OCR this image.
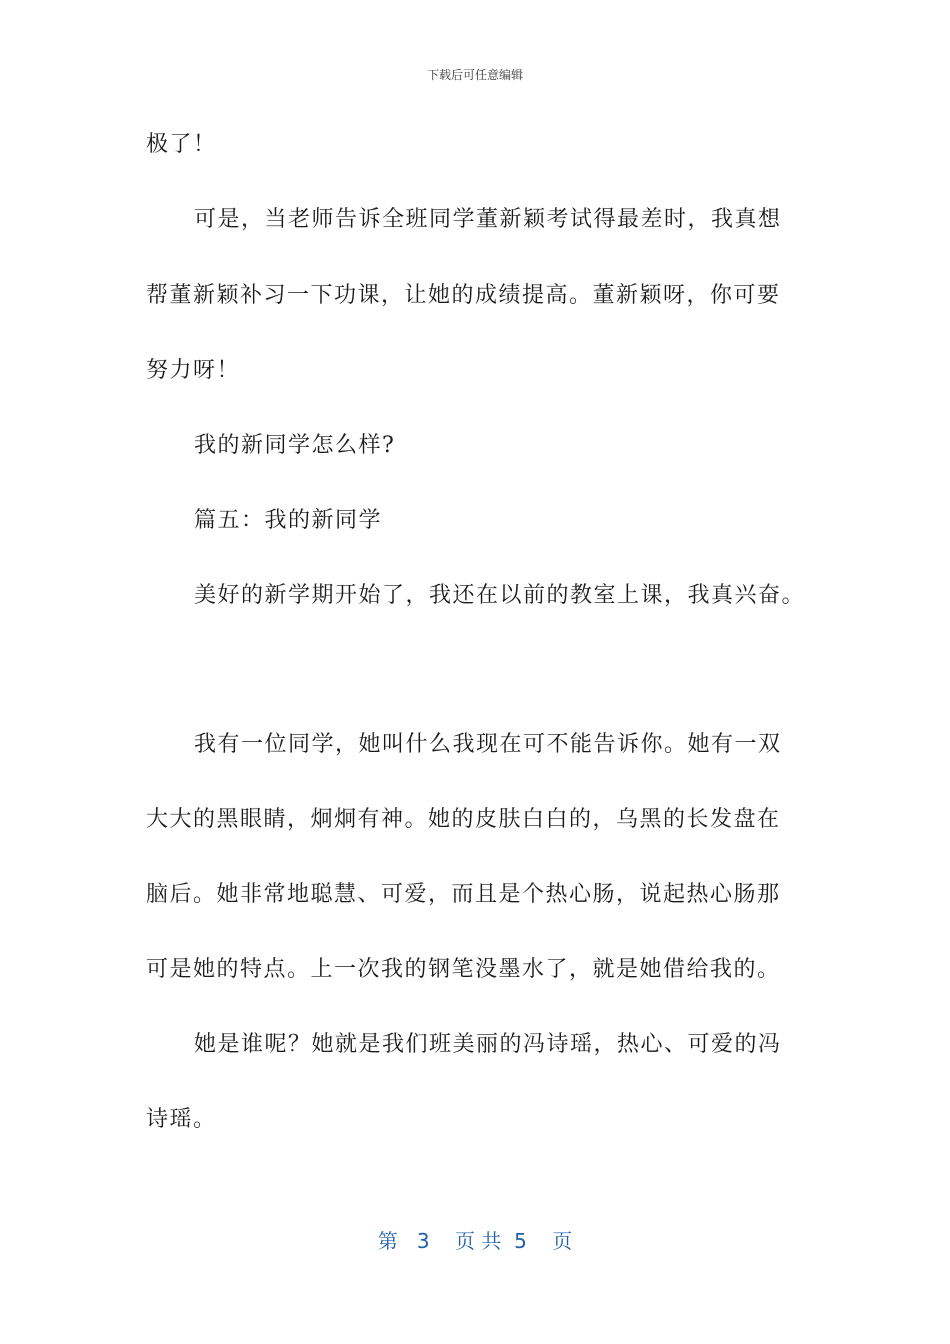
下载后可任意编辑
极了！
可是，当老师告诉全班同学董新颖考试得最差时，我真想
帮董新颖补习一下功课，让她的成绩提高。董新颖呀，你可要
努力呀！
我的新同学怎么样?
篇五：我的新同学
美好的新学期开始了，我还在以前的教室上课，我真兴奋。
我有一位同学，她叫什么我现在可不能告诉你。她有一双
大大的黑眼睛，炯炯有神。她的皮肤白白的，乌黑的长发盘在
脑后。她非常地聪慧、可爱，而且是个热心肠，说起热心肠那
可是她的特点。上一次我的钢笔没墨水了，就是她借给我的。
她是谁呢？她就是我们班美丽的冯诗瑶，热心、可爱的冯
诗瑶。
第 3 页 共 5 页
